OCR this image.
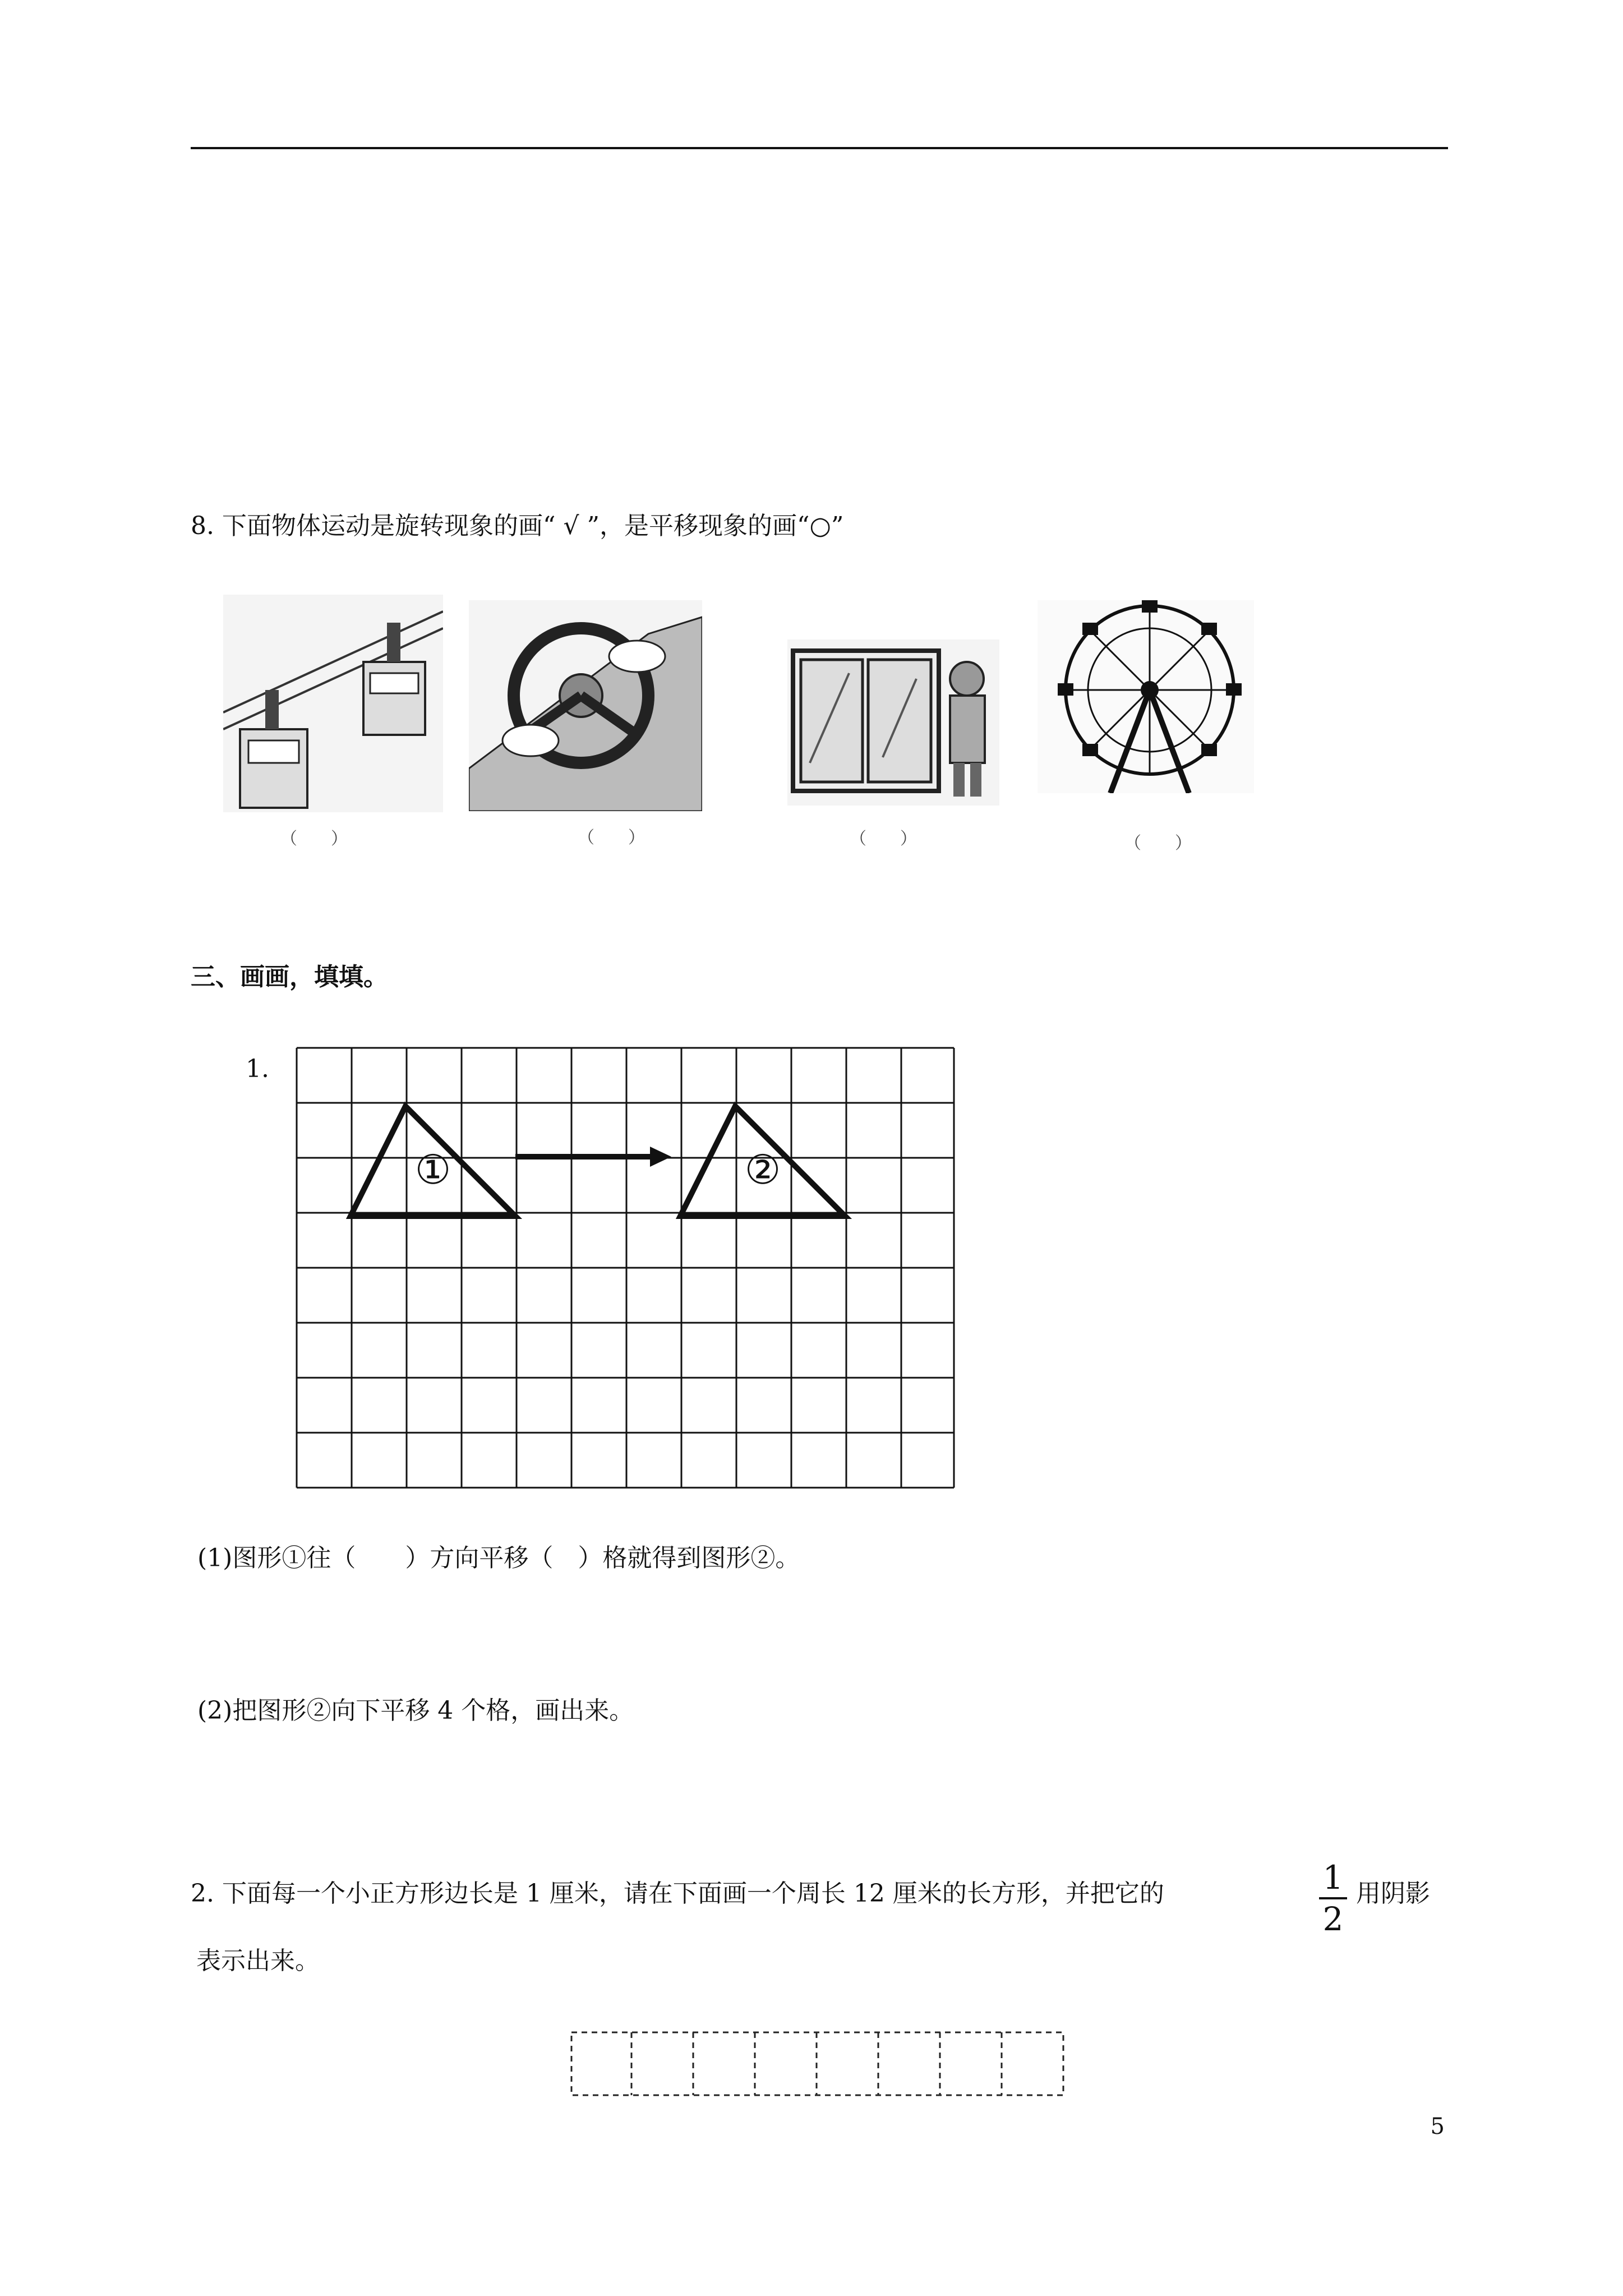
8. 下面物体运动是旋转现象的画“ √ ”，是平移现象的画“○”
（　　）	（　　）	（　　）	（　　）
三、画画，填填。
1.
①	②
(1)图形①往（　　）方向平移（　）格就得到图形②。
(2)把图形②向下平移 4 个格，画出来。
2. 下面每一个小正方形边长是 1 厘米，请在下面画一个周长 12 厘米的长方形，并把它的	$\frac{1}{2}$ 用阴影
表示出来。
5
